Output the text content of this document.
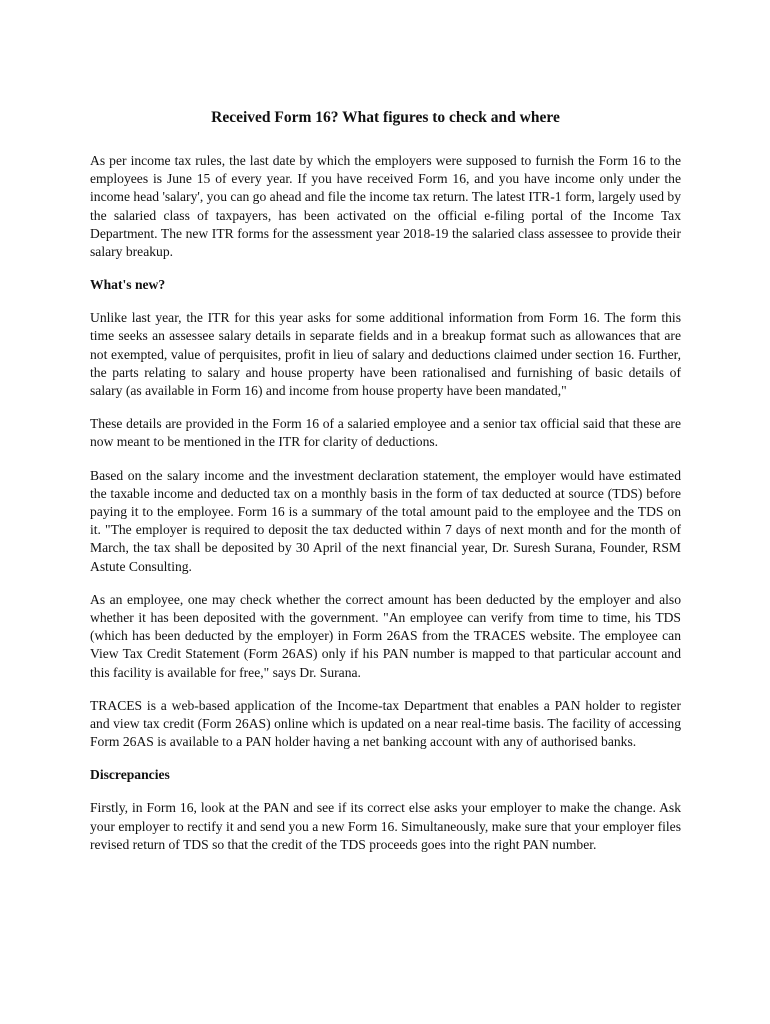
Received Form 16? What figures to check and where

As per income tax rules, the last date by which the employers were supposed to furnish the Form 16 to the employees is June 15 of every year. If you have received Form 16, and you have income only under the income head 'salary', you can go ahead and file the income tax return. The latest ITR-1 form, largely used by the salaried class of taxpayers, has been activated on the official e-filing portal of the Income Tax Department. The new ITR forms for the assessment year 2018-19 the salaried class assessee to provide their salary breakup.

What's new?

Unlike last year, the ITR for this year asks for some additional information from Form 16. The form this time seeks an assessee salary details in separate fields and in a breakup format such as allowances that are not exempted, value of perquisites, profit in lieu of salary and deductions claimed under section 16. Further, the parts relating to salary and house property have been rationalised and furnishing of basic details of salary (as available in Form 16) and income from house property have been mandated,"

These details are provided in the Form 16 of a salaried employee and a senior tax official said that these are now meant to be mentioned in the ITR for clarity of deductions.

Based on the salary income and the investment declaration statement, the employer would have estimated the taxable income and deducted tax on a monthly basis in the form of tax deducted at source (TDS) before paying it to the employee. Form 16 is a summary of the total amount paid to the employee and the TDS on it. "The employer is required to deposit the tax deducted within 7 days of next month and for the month of March, the tax shall be deposited by 30 April of the next financial year, Dr. Suresh Surana, Founder, RSM Astute Consulting.

As an employee, one may check whether the correct amount has been deducted by the employer and also whether it has been deposited with the government. "An employee can verify from time to time, his TDS (which has been deducted by the employer) in Form 26AS from the TRACES website. The employee can View Tax Credit Statement (Form 26AS) only if his PAN number is mapped to that particular account and this facility is available for free," says Dr. Surana.

TRACES is a web-based application of the Income-tax Department that enables a PAN holder to register and view tax credit (Form 26AS) online which is updated on a near real-time basis. The facility of accessing Form 26AS is available to a PAN holder having a net banking account with any of authorised banks.

Discrepancies

Firstly, in Form 16, look at the PAN and see if its correct else asks your employer to make the change. Ask your employer to rectify it and send you a new Form 16. Simultaneously, make sure that your employer files revised return of TDS so that the credit of the TDS proceeds goes into the right PAN number.
